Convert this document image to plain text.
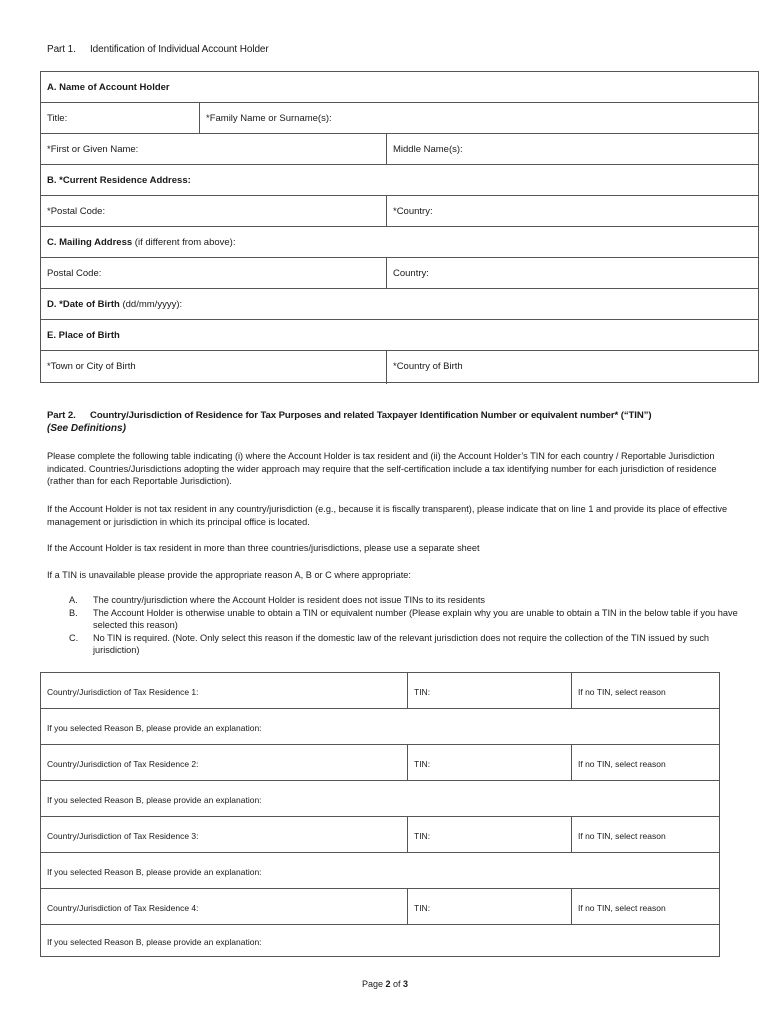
Part 1. Identification of Individual Account Holder
A. Name of Account Holder
Title:	*Family Name or Surname(s):
*First or Given Name:	Middle Name(s):
B. *Current Residence Address:
*Postal Code:	*Country:
C. Mailing Address (if different from above):
Postal Code:	Country:
D. *Date of Birth (dd/mm/yyyy):
E. Place of Birth
*Town or City of Birth	*Country of Birth
Part 2. Country/Jurisdiction of Residence for Tax Purposes and related Taxpayer Identification Number or equivalent number* (“TIN”)
(See Definitions)
Please complete the following table indicating (i) where the Account Holder is tax resident and (ii) the Account Holder’s TIN for each country / Reportable Jurisdiction indicated. Countries/Jurisdictions adopting the wider approach may require that the self-certification include a tax identifying number for each jurisdiction of residence (rather than for each Reportable Jurisdiction).
If the Account Holder is not tax resident in any country/jurisdiction (e.g., because it is fiscally transparent), please indicate that on line 1 and provide its place of effective management or jurisdiction in which its principal office is located.
If the Account Holder is tax resident in more than three countries/jurisdictions, please use a separate sheet
If a TIN is unavailable please provide the appropriate reason A, B or C where appropriate:
A.	The country/jurisdiction where the Account Holder is resident does not issue TINs to its residents
B.	The Account Holder is otherwise unable to obtain a TIN or equivalent number (Please explain why you are unable to obtain a TIN in the below table if you have selected this reason)
C.	No TIN is required. (Note. Only select this reason if the domestic law of the relevant jurisdiction does not require the collection of the TIN issued by such jurisdiction)
Country/Jurisdiction of Tax Residence 1:	TIN:	If no TIN, select reason
If you selected Reason B, please provide an explanation:
Country/Jurisdiction of Tax Residence 2:	TIN:	If no TIN, select reason
If you selected Reason B, please provide an explanation:
Country/Jurisdiction of Tax Residence 3:	TIN:	If no TIN, select reason
If you selected Reason B, please provide an explanation:
Country/Jurisdiction of Tax Residence 4:	TIN:	If no TIN, select reason
If you selected Reason B, please provide an explanation:
Page 2 of 3
